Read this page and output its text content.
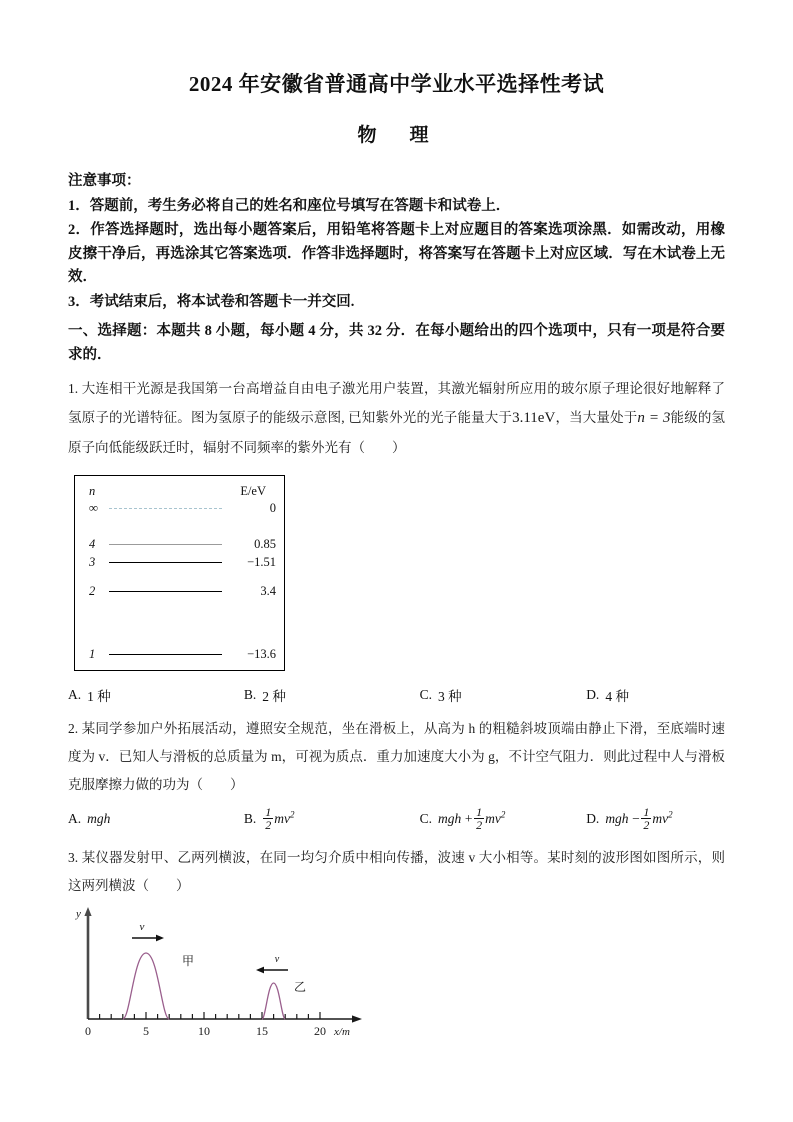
2024 年安徽省普通高中学业水平选择性考试
物　理
注意事项：
1．答题前，考生务必将自己的姓名和座位号填写在答题卡和试卷上．
2．作答选择题时，选出每小题答案后，用铅笔将答题卡上对应题目的答案选项涂黑．如需改动，用橡皮擦干净后，再选涂其它答案选项．作答非选择题时，将答案写在答题卡上对应区域．写在木试卷上无效．
3．考试结束后，将本试卷和答题卡一并交回.
一、选择题：本题共 8 小题，每小题 4 分，共 32 分．在每小题给出的四个选项中，只有一项是符合要求的．
1. 大连相干光源是我国第一台高增益自由电子激光用户装置，其激光辐射所应用的玻尔原子理论很好地解释了氢原子的光谱特征。图为氢原子的能级示意图, 已知紫外光的光子能量大于3.11eV，当大量处于n = 3能级的氢原子向低能级跃迁时，辐射不同频率的紫外光有（　　）
n	E/eV
∞	0
4	0.85
3	−1.51
2	3.4
1	−13.6
A. 1 种	B. 2 种	C. 3 种	D. 4 种
2. 某同学参加户外拓展活动，遵照安全规范，坐在滑板上，从高为 h 的粗糙斜坡顶端由静止下滑，至底端时速度为 v．已知人与滑板的总质量为 m，可视为质点．重力加速度大小为 g，不计空气阻力．则此过程中人与滑板克服摩擦力做的功为（　　）
A. mgh	B. $\frac{1}{2} mv^2$	C. mgh + $\frac{1}{2} mv^2$	D. mgh − $\frac{1}{2} mv^2$
3. 某仪器发射甲、乙两列横波，在同一均匀介质中相向传播，波速 v 大小相等。某时刻的波形图如图所示，则这两列横波（　　）
y
x/m
0	5	10	15	20
甲
v
乙
v
